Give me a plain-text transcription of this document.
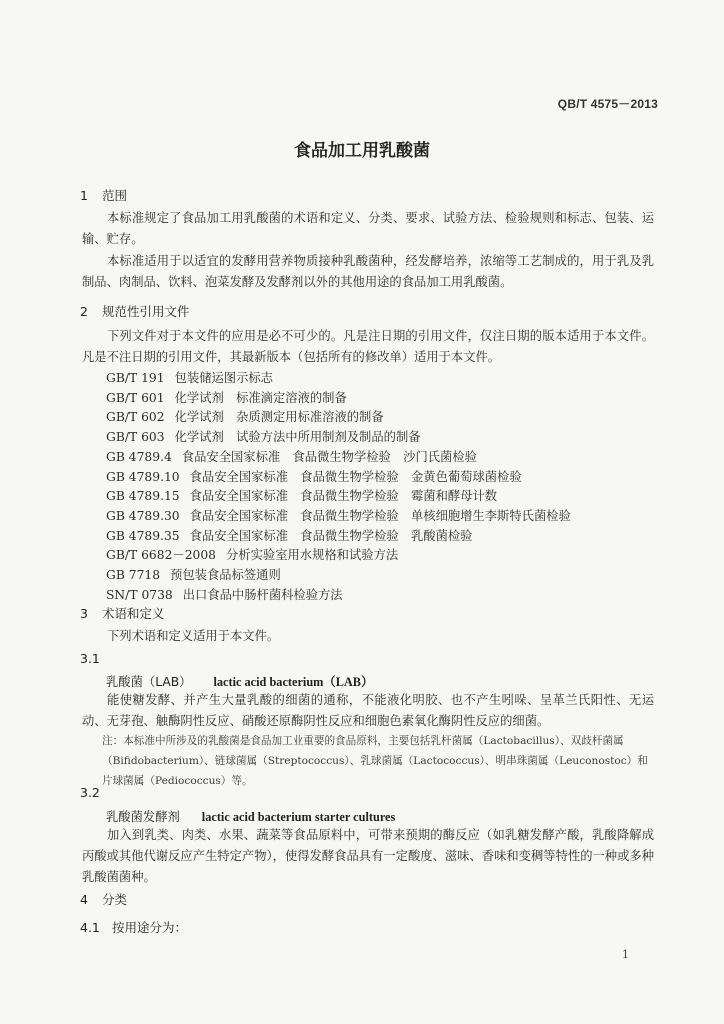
QB/T 4575－2013
食品加工用乳酸菌
1 范围
本标准规定了食品加工用乳酸菌的术语和定义、分类、要求、试验方法、检验规则和标志、包装、运输、贮存。
本标准适用于以适宜的发酵用营养物质接种乳酸菌种，经发酵培养，浓缩等工艺制成的，用于乳及乳制品、肉制品、饮料、泡菜发酵及发酵剂以外的其他用途的食品加工用乳酸菌。
2 规范性引用文件
下列文件对于本文件的应用是必不可少的。凡是注日期的引用文件，仅注日期的版本适用于本文件。凡是不注日期的引用文件，其最新版本（包括所有的修改单）适用于本文件。
GB/T 191 包装储运图示标志
GB/T 601 化学试剂　标准滴定溶液的制备
GB/T 602 化学试剂　杂质测定用标准溶液的制备
GB/T 603 化学试剂　试验方法中所用制剂及制品的制备
GB 4789.4 食品安全国家标准　食品微生物学检验　沙门氏菌检验
GB 4789.10 食品安全国家标准　食品微生物学检验　金黄色葡萄球菌检验
GB 4789.15 食品安全国家标准　食品微生物学检验　霉菌和酵母计数
GB 4789.30 食品安全国家标准　食品微生物学检验　单核细胞增生李斯特氏菌检验
GB 4789.35 食品安全国家标准　食品微生物学检验　乳酸菌检验
GB/T 6682－2008 分析实验室用水规格和试验方法
GB 7718 预包装食品标签通则
SN/T 0738 出口食品中肠杆菌科检验方法
3 术语和定义
下列术语和定义适用于本文件。
3.1
乳酸菌（LAB） lactic acid bacterium（LAB）
能使糖发酵、并产生大量乳酸的细菌的通称，不能液化明胶、也不产生吲哚、呈革兰氏阳性、无运动、无芽孢、触酶阴性反应、硝酸还原酶阴性反应和细胞色素氧化酶阴性反应的细菌。
注：本标准中所涉及的乳酸菌是食品加工业重要的食品原料，主要包括乳杆菌属（Lactobacillus）、双歧杆菌属（Bifidobacterium）、链球菌属（Streptococcus）、乳球菌属（Lactococcus）、明串珠菌属（Leuconostoc）和片球菌属（Pediococcus）等。
3.2
乳酸菌发酵剂 lactic acid bacterium starter cultures
加入到乳类、肉类、水果、蔬菜等食品原料中，可带来预期的酶反应（如乳糖发酵产酸，乳酸降解成丙酸或其他代谢反应产生特定产物），使得发酵食品具有一定酸度、滋味、香味和变稠等特性的一种或多种乳酸菌菌种。
4 分类
4.1 按用途分为：
1
